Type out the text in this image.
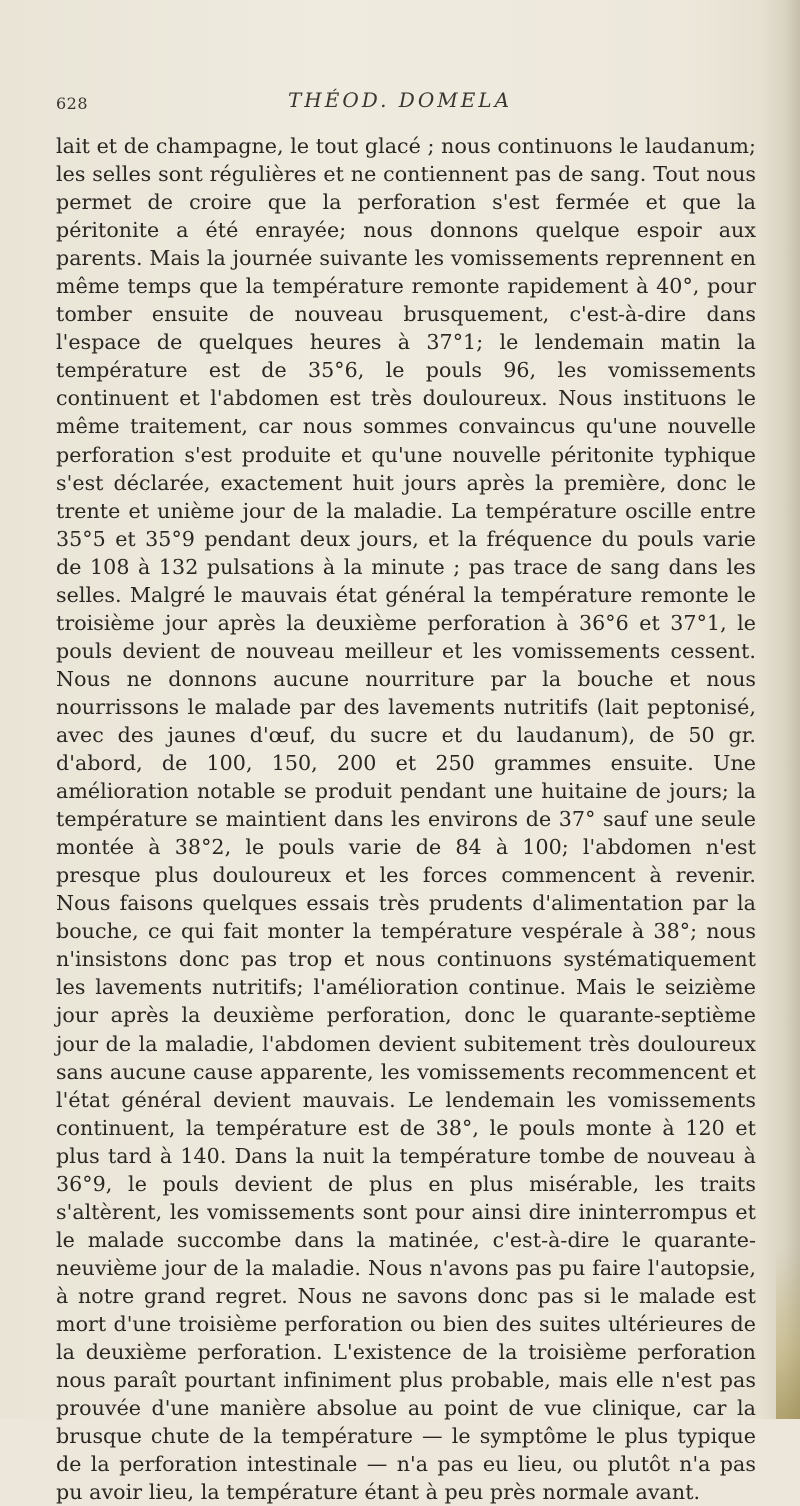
628	THÉOD. DOMELA

lait et de champagne, le tout glacé ; nous continuons le laudanum; les selles sont régulières et ne contiennent pas de sang. Tout nous permet de croire que la perforation s'est fermée et que la péritonite a été enrayée; nous donnons quelque espoir aux parents. Mais la journée suivante les vomissements reprennent en même temps que la température remonte rapidement à 40°, pour tomber ensuite de nouveau brusquement, c'est-à-dire dans l'espace de quelques heures à 37°1; le lendemain matin la température est de 35°6, le pouls 96, les vomissements continuent et l'abdomen est très douloureux. Nous instituons le même traitement, car nous sommes convaincus qu'une nouvelle perforation s'est produite et qu'une nouvelle péritonite typhique s'est déclarée, exactement huit jours après la première, donc le trente et unième jour de la maladie. La température oscille entre 35°5 et 35°9 pendant deux jours, et la fréquence du pouls varie de 108 à 132 pulsations à la minute ; pas trace de sang dans les selles. Malgré le mauvais état général la température remonte le troisième jour après la deuxième perforation à 36°6 et 37°1, le pouls devient de nouveau meilleur et les vomissements cessent. Nous ne donnons aucune nourriture par la bouche et nous nourrissons le malade par des lavements nutritifs (lait peptonisé, avec des jaunes d'œuf, du sucre et du laudanum), de 50 gr. d'abord, de 100, 150, 200 et 250 grammes ensuite. Une amélioration notable se produit pendant une huitaine de jours; la température se maintient dans les environs de 37° sauf une seule montée à 38°2, le pouls varie de 84 à 100; l'abdomen n'est presque plus douloureux et les forces commencent à revenir. Nous faisons quelques essais très prudents d'alimentation par la bouche, ce qui fait monter la température vespérale à 38°; nous n'insistons donc pas trop et nous continuons systématiquement les lavements nutritifs; l'amélioration continue. Mais le seizième jour après la deuxième perforation, donc le quarante-septième jour de la maladie, l'abdomen devient subitement très douloureux sans aucune cause apparente, les vomissements recommencent et l'état général devient mauvais. Le lendemain les vomissements continuent, la température est de 38°, le pouls monte à 120 et plus tard à 140. Dans la nuit la température tombe de nouveau à 36°9, le pouls devient de plus en plus misérable, les traits s'altèrent, les vomissements sont pour ainsi dire ininterrompus et le malade succombe dans la matinée, c'est-à-dire le quarante-neuvième jour de la maladie. Nous n'avons pas pu faire l'autopsie, à notre grand regret. Nous ne savons donc pas si le malade est mort d'une troisième perforation ou bien des suites ultérieures de la deuxième perforation. L'existence de la troisième perforation nous paraît pourtant infiniment plus probable, mais elle n'est pas prouvée d'une manière absolue au point de vue clinique, car la brusque chute de la température — le symptôme le plus typique de la perforation intestinale — n'a pas eu lieu, ou plutôt n'a pas pu avoir lieu, la température étant à peu près normale avant.
